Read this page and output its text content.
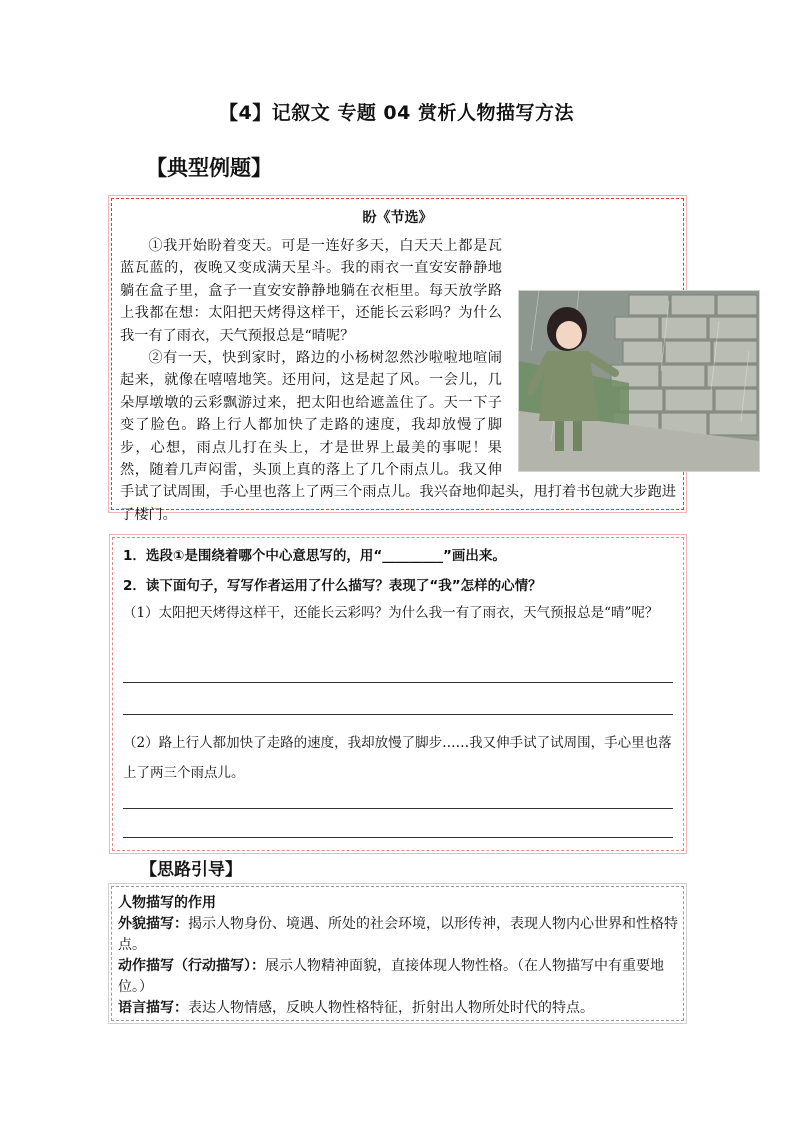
【4】记叙文 专题 04 赏析人物描写方法
【典型例题】
盼《节选》

①我开始盼着变天。可是一连好多天，白天天上都是瓦蓝瓦蓝的，夜晚又变成满天星斗。我的雨衣一直安安静静地躺在盒子里，盒子一直安安静静地躺在衣柜里。每天放学路上我都在想：太阳把天烤得这样干，还能长云彩吗？为什么我一有了雨衣，天气预报总是“晴呢？

②有一天，快到家时，路边的小杨树忽然沙啦啦地喧闹起来，就像在嘻嘻地笑。还用问，这是起了风。一会儿，几朵厚墩墩的云彩飘游过来，把太阳也给遮盖住了。天一下子变了脸色。路上行人都加快了走路的速度，我却放慢了脚步，心想，雨点儿打在头上，才是世界上最美的事呢！果然，随着几声闷雷，头顶上真的落上了几个雨点儿。我又伸手试了试周围，手心里也落上了两三个雨点儿。我兴奋地仰起头，甩打着书包就大步跑进了楼门。

1．选段①是围绕着哪个中心意思写的，用“_________”画出来。
2．读下面句子，写写作者运用了什么描写？表现了“我”怎样的心情？
（1）太阳把天烤得这样干，还能长云彩吗？为什么我一有了雨衣，天气预报总是“晴”呢？
（2）路上行人都加快了走路的速度，我却放慢了脚步……我又伸手试了试周围，手心里也落上了两三个雨点儿。
【思路引导】

人物描写的作用

外貌描写：揭示人物身份、境遇、所处的社会环境，以形传神，表现人物内心世界和性格特点。

动作描写（行动描写）：展示人物精神面貌，直接体现人物性格。（在人物描写中有重要地位。）

语言描写：表达人物情感，反映人物性格特征，折射出人物所处时代的特点。
